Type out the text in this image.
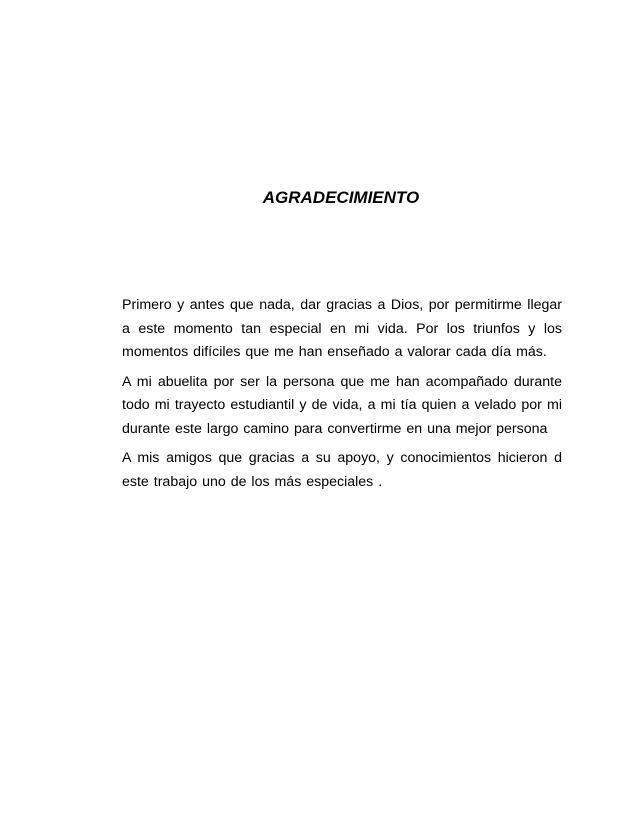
AGRADECIMIENTO

Primero y antes que nada, dar gracias a Dios, por permitirme llegar a este momento tan especial en mi vida. Por los triunfos y los momentos difíciles que me han enseñado a valorar cada día más.

A mi abuelita por ser la persona que me han acompañado durante todo mi trayecto estudiantil y de vida, a mi tía quien a velado por mi durante este largo camino para convertirme en una mejor persona

A mis amigos que gracias a su apoyo, y conocimientos hicieron d este trabajo uno de los más especiales .
